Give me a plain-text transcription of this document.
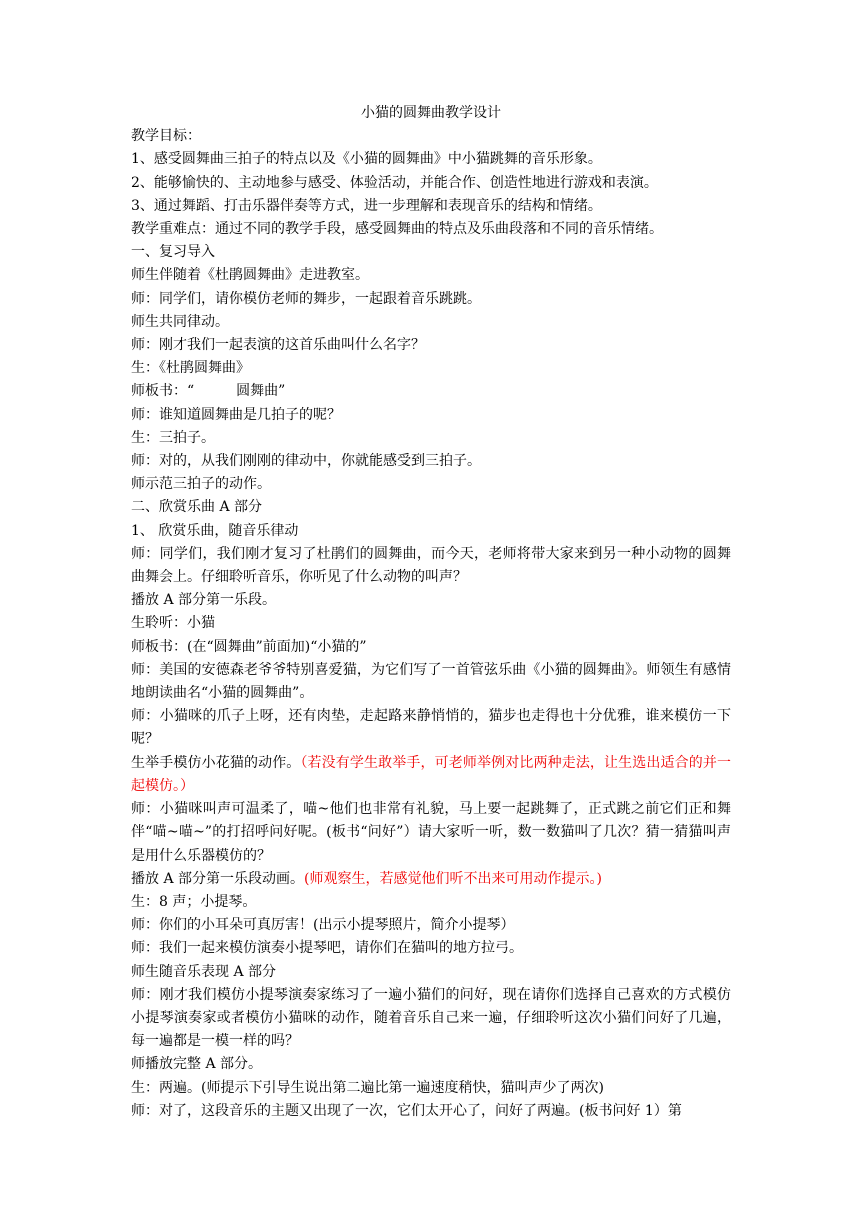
小猫的圆舞曲教学设计

教学目标：

1、感受圆舞曲三拍子的特点以及《小猫的圆舞曲》中小猫跳舞的音乐形象。

2、能够愉快的、主动地参与感受、体验活动，并能合作、创造性地进行游戏和表演。

3、通过舞蹈、打击乐器伴奏等方式，进一步理解和表现音乐的结构和情绪。

教学重难点：通过不同的教学手段，感受圆舞曲的特点及乐曲段落和不同的音乐情绪。

一、复习导入

师生伴随着《杜鹃圆舞曲》走进教室。

师：同学们，请你模仿老师的舞步，一起跟着音乐跳跳。

师生共同律动。

师：刚才我们一起表演的这首乐曲叫什么名字？

生：《杜鹃圆舞曲》

师板书：“　　　圆舞曲”

师：谁知道圆舞曲是几拍子的呢？

生：三拍子。

师：对的，从我们刚刚的律动中，你就能感受到三拍子。

师示范三拍子的动作。

二、欣赏乐曲 A 部分

1、 欣赏乐曲，随音乐律动

师：同学们，我们刚才复习了杜鹃们的圆舞曲，而今天，老师将带大家来到另一种小动物的圆舞曲舞会上。仔细聆听音乐，你听见了什么动物的叫声？

播放 A 部分第一乐段。

生聆听：小猫

师板书：(在“圆舞曲”前面加)“小猫的”

师：美国的安德森老爷爷特别喜爱猫，为它们写了一首管弦乐曲《小猫的圆舞曲》。师领生有感情地朗读曲名“小猫的圆舞曲”。

师：小猫咪的爪子上呀，还有肉垫，走起路来静悄悄的，猫步也走得也十分优雅，谁来模仿一下呢？

生举手模仿小花猫的动作。（若没有学生敢举手，可老师举例对比两种走法，让生选出适合的并一起模仿。）

师：小猫咪叫声可温柔了，喵~他们也非常有礼貌，马上要一起跳舞了，正式跳之前它们正和舞伴“喵~喵~”的打招呼问好呢。(板书“问好”）请大家听一听，数一数猫叫了几次？猜一猜猫叫声是用什么乐器模仿的？

播放 A 部分第一乐段动画。(师观察生，若感觉他们听不出来可用动作提示。)

生：8 声；小提琴。

师：你们的小耳朵可真厉害！(出示小提琴照片，简介小提琴）

师：我们一起来模仿演奏小提琴吧，请你们在猫叫的地方拉弓。

师生随音乐表现 A 部分

师：刚才我们模仿小提琴演奏家练习了一遍小猫们的问好，现在请你们选择自己喜欢的方式模仿小提琴演奏家或者模仿小猫咪的动作，随着音乐自己来一遍，仔细聆听这次小猫们问好了几遍，每一遍都是一模一样的吗？

师播放完整 A 部分。

生：两遍。(师提示下引导生说出第二遍比第一遍速度稍快，猫叫声少了两次)

师：对了，这段音乐的主题又出现了一次，它们太开心了，问好了两遍。(板书问好 1）第
